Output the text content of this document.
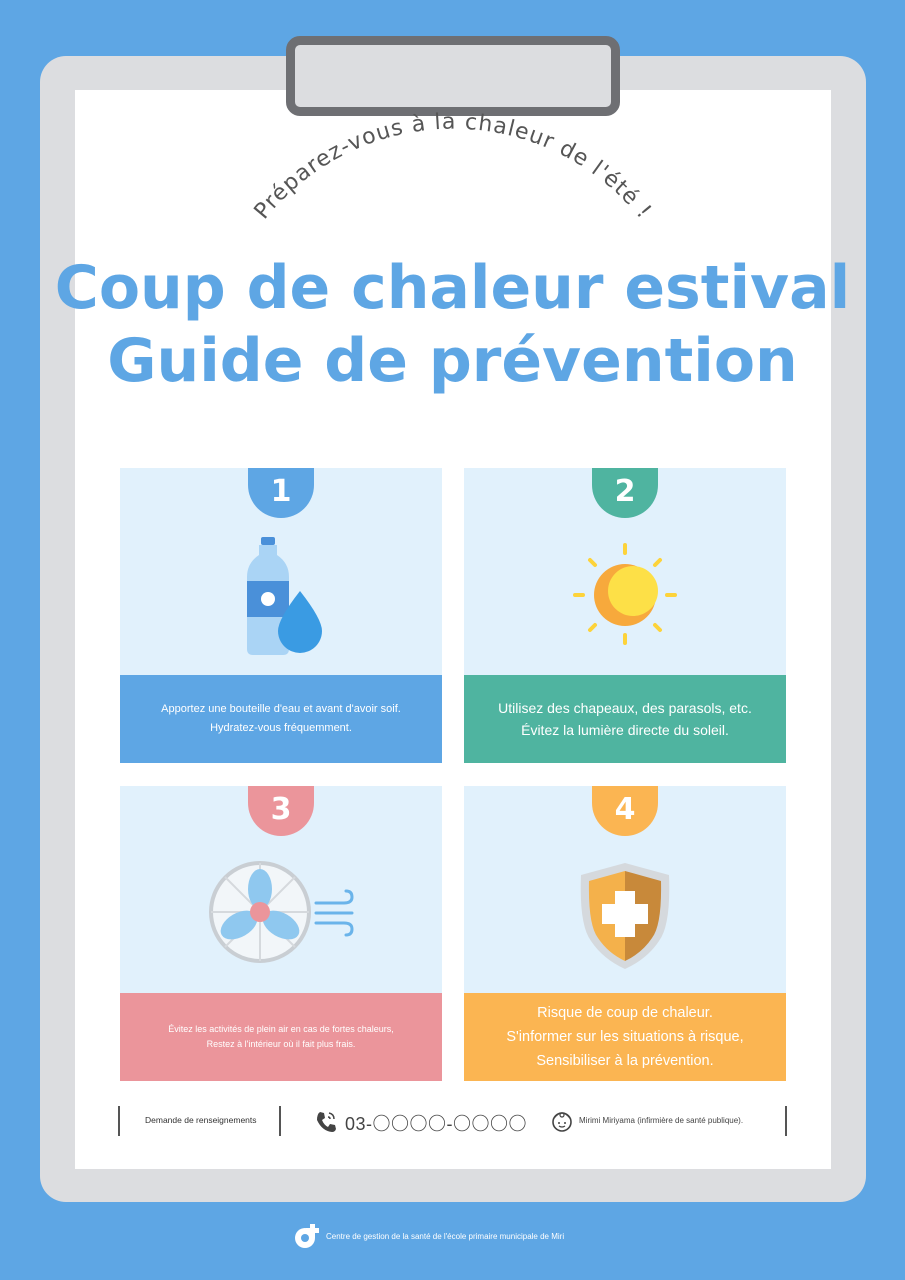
Préparez-vous à la chaleur de l'été !
Coup de chaleur estival
Guide de prévention
1
Apportez une bouteille d'eau et avant d'avoir soif.
Hydratez-vous fréquemment.
2
Utilisez des chapeaux, des parasols, etc.
Évitez la lumière directe du soleil.
3
Évitez les activités de plein air en cas de fortes chaleurs,
Restez à l'intérieur où il fait plus frais.
4
Risque de coup de chaleur.
S'informer sur les situations à risque,
Sensibiliser à la prévention.
Demande de renseignements	03-〇〇〇〇-〇〇〇〇	Mirimi Miriyama (infirmière de santé publique).
Centre de gestion de la santé de l'école primaire municipale de Miri
